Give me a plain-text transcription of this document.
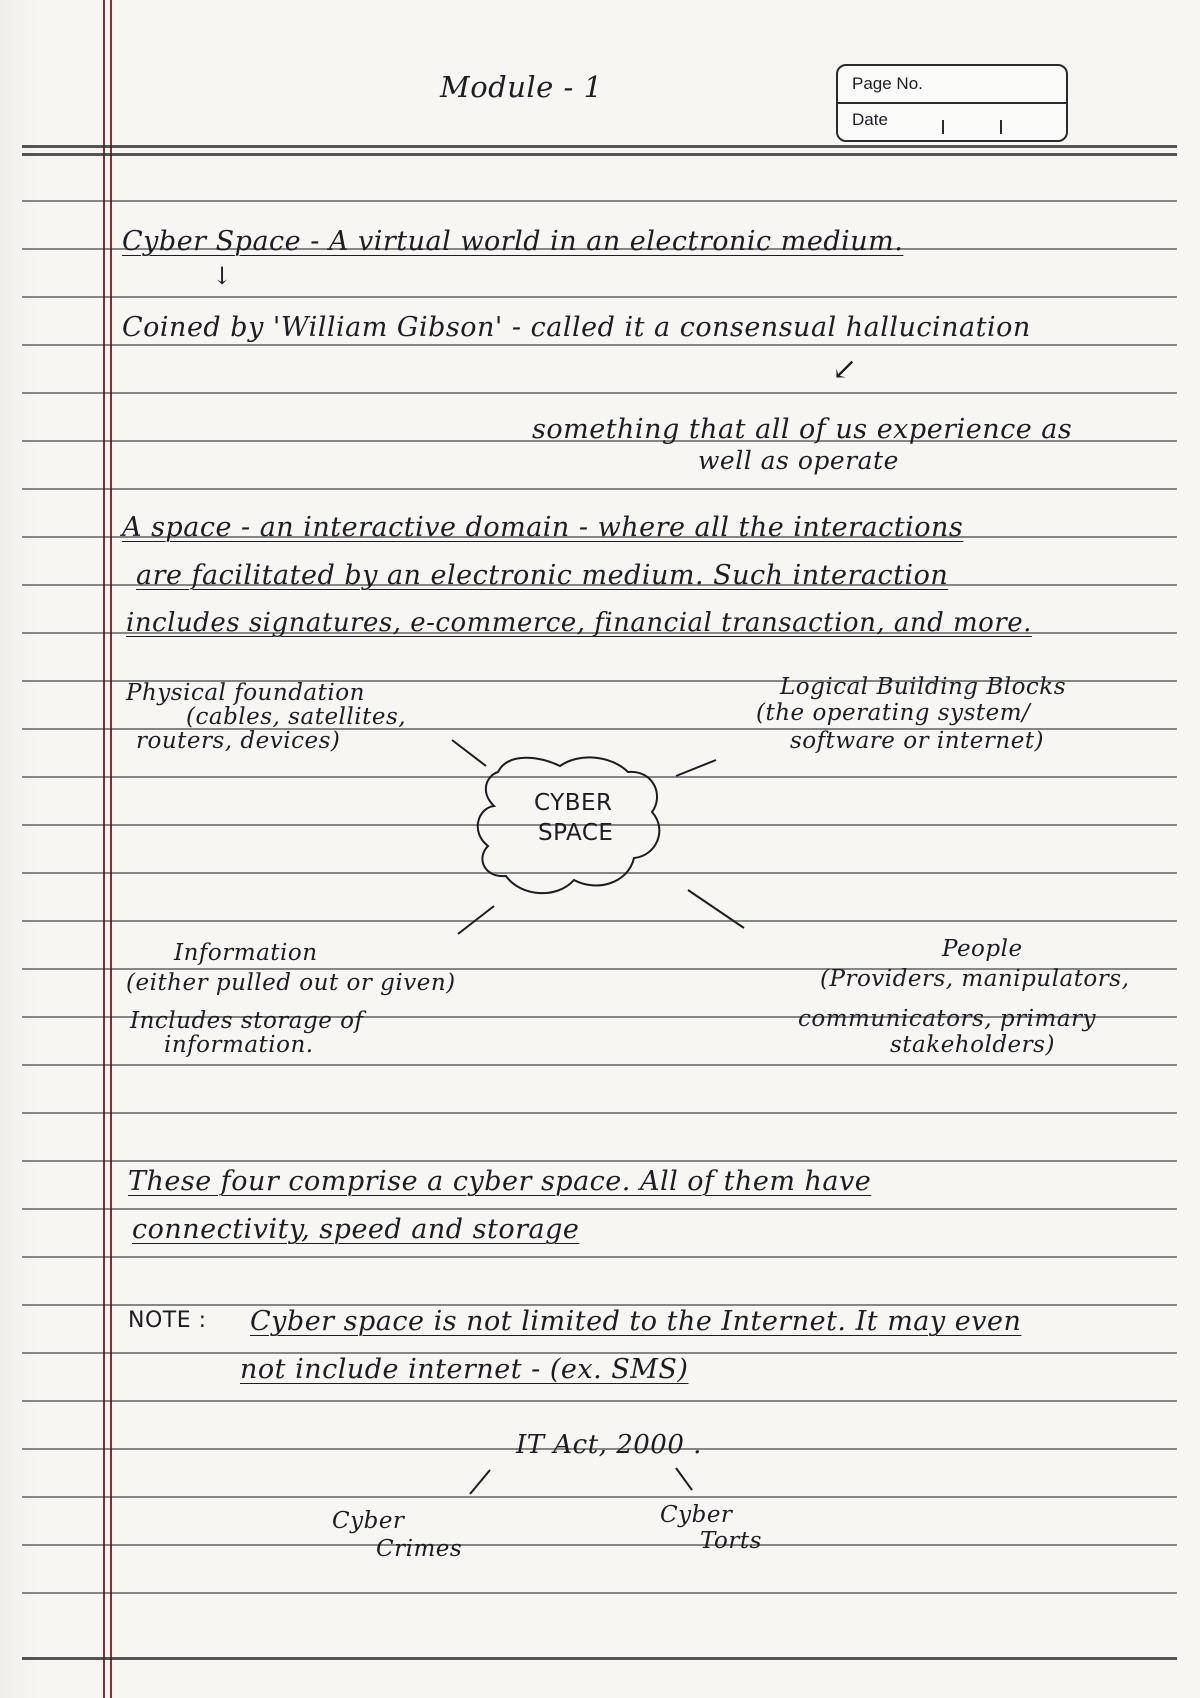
Page No.
Date
Module - 1
Cyber Space - A virtual world in an electronic medium.
↓
Coined by 'William Gibson' - called it a consensual hallucination
↙
something that all of us experience as
well as operate
A space - an interactive domain - where all the interactions
are facilitated by an electronic medium. Such interaction
includes signatures, e-commerce, financial transaction, and more.
Physical foundation
(cables, satellites,
routers, devices)
Logical Building Blocks
(the operating system/
software or internet)
CYBER
SPACE
Information
(either pulled out or given)
Includes storage of
information.
People
(Providers, manipulators,
communicators, primary
stakeholders)
These four comprise a cyber space. All of them have
connectivity, speed and storage
NOTE : Cyber space is not limited to the Internet. It may even
not include internet - (ex. SMS)
IT Act, 2000 .
Cyber
Crimes
Cyber
Torts
